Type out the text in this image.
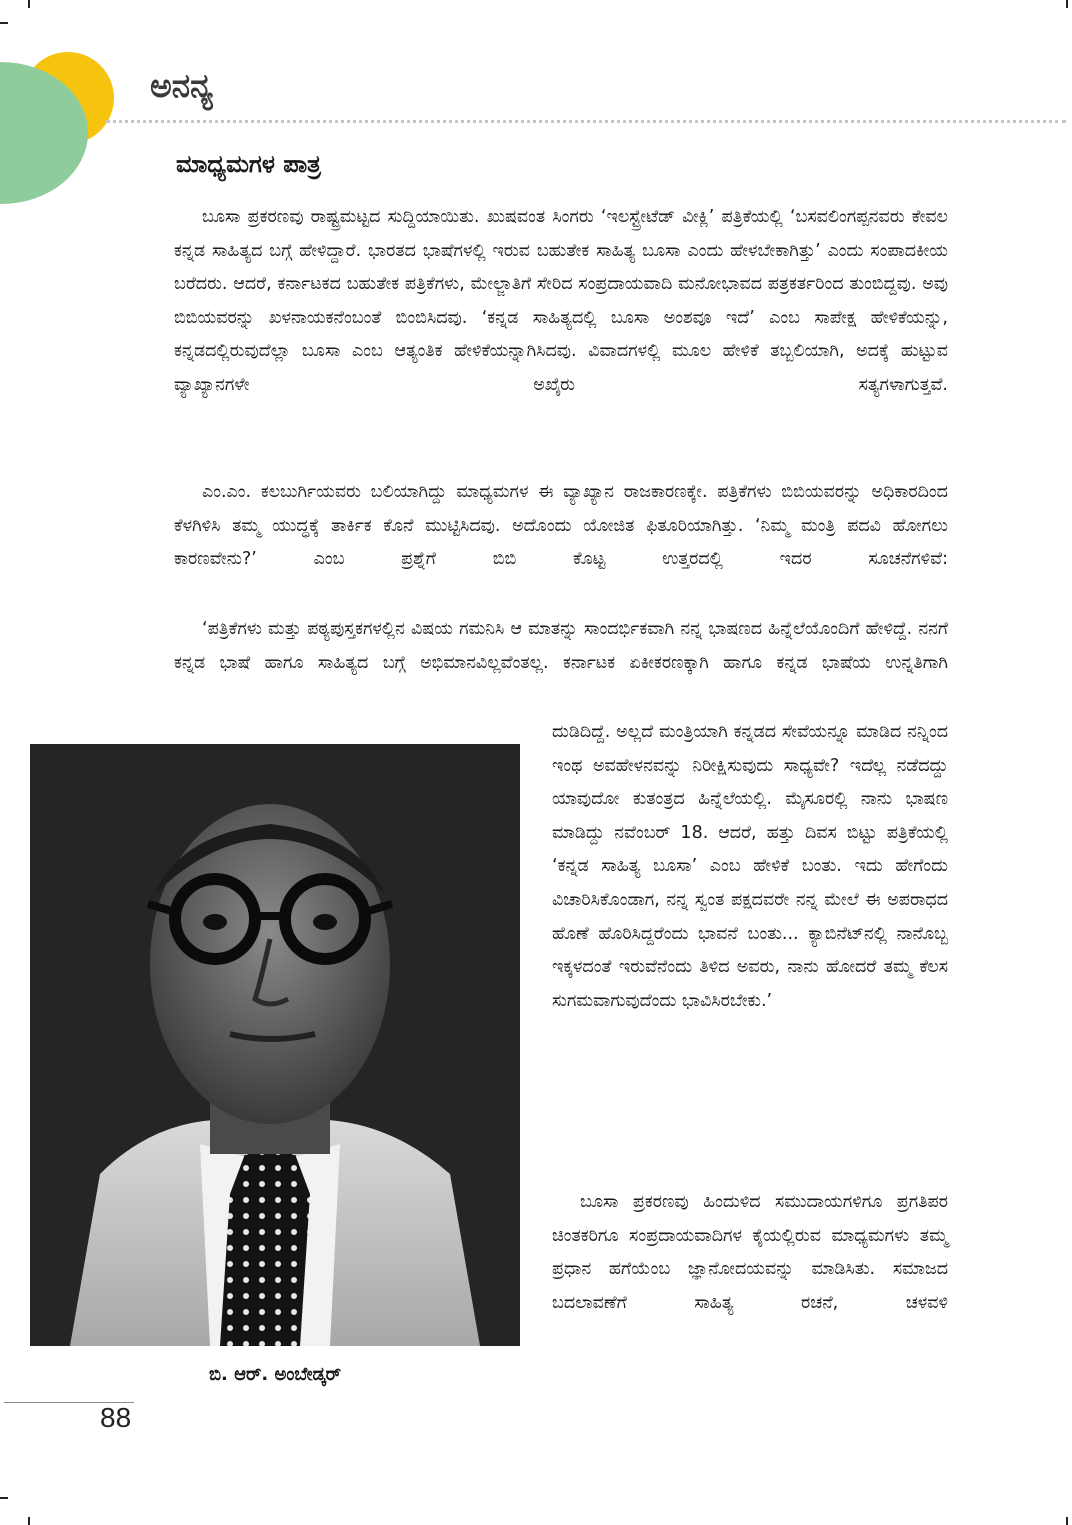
ಅನನ್ಯ
ಮಾಧ್ಯಮಗಳ ಪಾತ್ರ

ಬೂಸಾ ಪ್ರಕರಣವು ರಾಷ್ಟ್ರಮಟ್ಟದ ಸುದ್ದಿಯಾಯಿತು. ಖುಷವಂತ ಸಿಂಗರು ‘ಇಲಸ್ಟ್ರೇಟೆಡ್ ವೀಕ್ಲಿ’ ಪತ್ರಿಕೆಯಲ್ಲಿ ‘ಬಸವಲಿಂಗಪ್ಪನವರು ಕೇವಲ ಕನ್ನಡ ಸಾಹಿತ್ಯದ ಬಗ್ಗೆ ಹೇಳಿದ್ದಾರೆ. ಭಾರತದ ಭಾಷೆಗಳಲ್ಲಿ ಇರುವ ಬಹುತೇಕ ಸಾಹಿತ್ಯ ಬೂಸಾ ಎಂದು ಹೇಳಬೇಕಾಗಿತ್ತು’ ಎಂದು ಸಂಪಾದಕೀಯ ಬರೆದರು. ಆದರೆ, ಕರ್ನಾಟಕದ ಬಹುತೇಕ ಪತ್ರಿಕೆಗಳು, ಮೇಲ್ಜಾತಿಗೆ ಸೇರಿದ ಸಂಪ್ರದಾಯವಾದಿ ಮನೋಭಾವದ ಪತ್ರಕರ್ತರಿಂದ ತುಂಬಿದ್ದವು. ಅವು ಬಿಬಿಯವರನ್ನು ಖಳನಾಯಕನೆಂಬಂತೆ ಬಿಂಬಿಸಿದವು. ‘ಕನ್ನಡ ಸಾಹಿತ್ಯದಲ್ಲಿ ಬೂಸಾ ಅಂಶವೂ ಇದೆ’ ಎಂಬ ಸಾಪೇಕ್ಷ ಹೇಳಿಕೆಯನ್ನು, ಕನ್ನಡದಲ್ಲಿರುವುದೆಲ್ಲಾ ಬೂಸಾ ಎಂಬ ಆತ್ಯಂತಿಕ ಹೇಳಿಕೆಯನ್ನಾಗಿಸಿದವು. ವಿವಾದಗಳಲ್ಲಿ ಮೂಲ ಹೇಳಿಕೆ ತಬ್ಬಲಿಯಾಗಿ, ಅದಕ್ಕೆ ಹುಟ್ಟುವ ವ್ಯಾಖ್ಯಾನಗಳೇ ಅಖೈರು ಸತ್ಯಗಳಾಗುತ್ತವೆ.

ಎಂ.ಎಂ. ಕಲಬುರ್ಗಿಯವರು ಬಲಿಯಾಗಿದ್ದು ಮಾಧ್ಯಮಗಳ ಈ ವ್ಯಾಖ್ಯಾನ ರಾಜಕಾರಣಕ್ಕೇ. ಪತ್ರಿಕೆಗಳು ಬಿಬಿಯವರನ್ನು ಅಧಿಕಾರದಿಂದ ಕೆಳಗಿಳಿಸಿ ತಮ್ಮ ಯುದ್ಧಕ್ಕೆ ತಾರ್ಕಿಕ ಕೊನೆ ಮುಟ್ಟಿಸಿದವು. ಅದೊಂದು ಯೋಜಿತ ಫಿತೂರಿಯಾಗಿತ್ತು. ‘ನಿಮ್ಮ ಮಂತ್ರಿ ಪದವಿ ಹೋಗಲು ಕಾರಣವೇನು?’ ಎಂಬ ಪ್ರಶ್ನೆಗೆ ಬಿಬಿ ಕೊಟ್ಟ ಉತ್ತರದಲ್ಲಿ ಇದರ ಸೂಚನೆಗಳಿವೆ:

‘ಪತ್ರಿಕೆಗಳು ಮತ್ತು ಪಠ್ಯಪುಸ್ತಕಗಳಲ್ಲಿನ ವಿಷಯ ಗಮನಿಸಿ ಆ ಮಾತನ್ನು ಸಾಂದರ್ಭಿಕವಾಗಿ ನನ್ನ ಭಾಷಣದ ಹಿನ್ನೆಲೆಯೊಂದಿಗೆ ಹೇಳಿದ್ದೆ. ನನಗೆ ಕನ್ನಡ ಭಾಷೆ ಹಾಗೂ ಸಾಹಿತ್ಯದ ಬಗ್ಗೆ ಅಭಿಮಾನವಿಲ್ಲವೆಂತಲ್ಲ. ಕರ್ನಾಟಕ ಏಕೀಕರಣಕ್ಕಾಗಿ ಹಾಗೂ ಕನ್ನಡ ಭಾಷೆಯ ಉನ್ನತಿಗಾಗಿ

ದುಡಿದಿದ್ದೆ. ಅಲ್ಲದೆ ಮಂತ್ರಿಯಾಗಿ ಕನ್ನಡದ ಸೇವೆಯನ್ನೂ ಮಾಡಿದ ನನ್ನಿಂದ ಇಂಥ ಅವಹೇಳನವನ್ನು ನಿರೀಕ್ಷಿಸುವುದು ಸಾಧ್ಯವೇ? ಇದೆಲ್ಲ ನಡೆದದ್ದು ಯಾವುದೋ ಕುತಂತ್ರದ ಹಿನ್ನೆಲೆಯಲ್ಲಿ. ಮೈಸೂರಲ್ಲಿ ನಾನು ಭಾಷಣ ಮಾಡಿದ್ದು ನವೆಂಬರ್ 18. ಆದರೆ, ಹತ್ತು ದಿವಸ ಬಿಟ್ಟು ಪತ್ರಿಕೆಯಲ್ಲಿ ‘ಕನ್ನಡ ಸಾಹಿತ್ಯ ಬೂಸಾ’ ಎಂಬ ಹೇಳಿಕೆ ಬಂತು. ಇದು ಹೇಗೆಂದು ವಿಚಾರಿಸಿಕೊಂಡಾಗ, ನನ್ನ ಸ್ವಂತ ಪಕ್ಷದವರೇ ನನ್ನ ಮೇಲೆ ಈ ಅಪರಾಧದ ಹೊಣೆ ಹೊರಿಸಿದ್ದರೆಂದು ಭಾವನೆ ಬಂತು... ಕ್ಯಾಬಿನೆಟ್‌ನಲ್ಲಿ ನಾನೊಬ್ಬ ಇಕ್ಕಳದಂತೆ ಇರುವೆನೆಂದು ತಿಳಿದ ಅವರು, ನಾನು ಹೋದರೆ ತಮ್ಮ ಕೆಲಸ ಸುಗಮವಾಗುವುದೆಂದು ಭಾವಿಸಿರಬೇಕು.’

ಬೂಸಾ ಪ್ರಕರಣವು ಹಿಂದುಳಿದ ಸಮುದಾಯಗಳಿಗೂ ಪ್ರಗತಿಪರ ಚಿಂತಕರಿಗೂ ಸಂಪ್ರದಾಯವಾದಿಗಳ ಕೈಯಲ್ಲಿರುವ ಮಾಧ್ಯಮಗಳು ತಮ್ಮ ಪ್ರಧಾನ ಹಗೆಯೆಂಬ ಜ್ಞಾನೋದಯವನ್ನು ಮಾಡಿಸಿತು. ಸಮಾಜದ ಬದಲಾವಣೆಗೆ ಸಾಹಿತ್ಯ ರಚನೆ, ಚಳವಳಿ

ಬಿ. ಆರ್. ಅಂಬೇಡ್ಕರ್
88
